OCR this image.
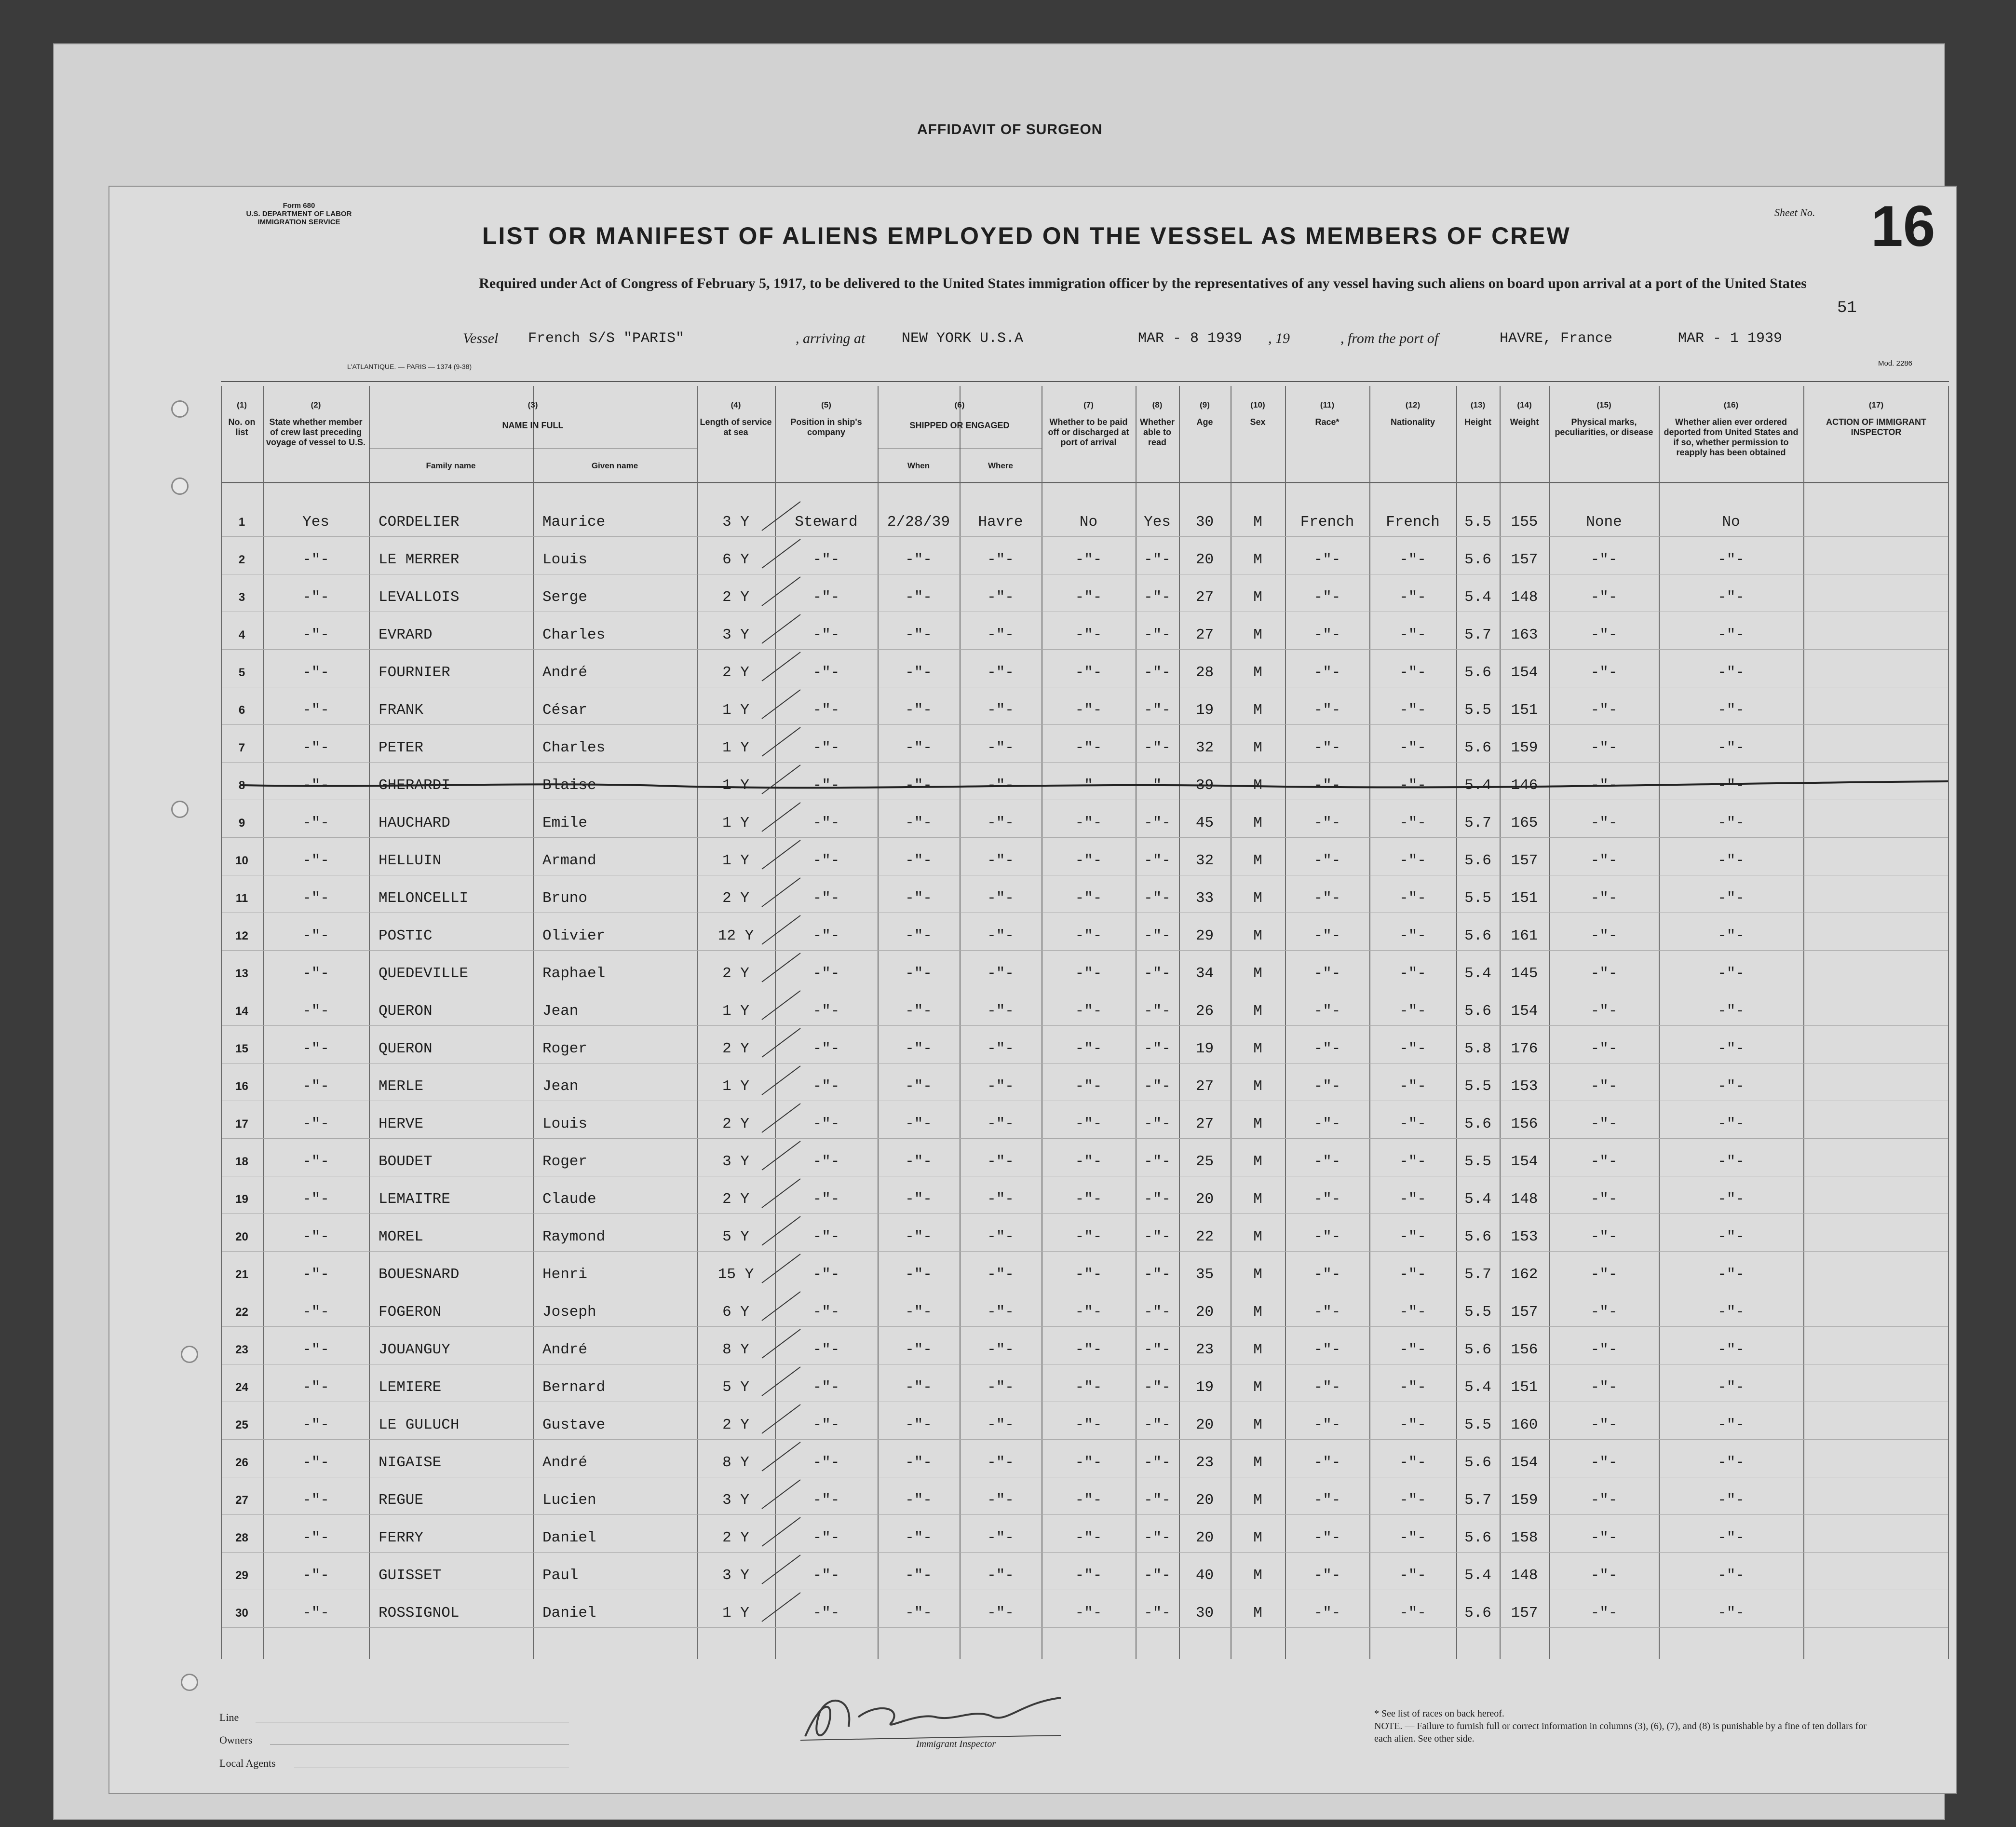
AFFIDAVIT OF SURGEON
Form 680
U.S. DEPARTMENT OF LABOR
IMMIGRATION SERVICE
LIST OR MANIFEST OF ALIENS EMPLOYED ON THE VESSEL AS MEMBERS OF CREW
Sheet No. 16
Required under Act of Congress of February 5, 1917, to be delivered to the United States immigration officer by the representatives of any vessel having such aliens on board upon arrival at a port of the United States
51
Vessel French S/S "PARIS"	, arriving at	NEW YORK U.S.A	MAR - 8 1939 , 19	, from the port of	HAVRE, France	MAR - 1 1939
L'ATLANTIQUE. — PARIS — 1374 (9-38)	Mod. 2286
(1)
No. on list
(2)
State whether member of crew last preceding voyage of vessel to U.S.
(3)
NAME IN FULL
Family name	Given name
(4)
Length of service at sea
(5)
Position in ship's company
(6)
SHIPPED OR ENGAGED
When	Where
(7)
Whether to be paid off or discharged at port of arrival
(8)
Whether able to read
(9)
Age
(10)
Sex
(11)
Race*
(12)
Nationality
(13)
Height
(14)
Weight
(15)
Physical marks, peculiarities, or disease
(16)
Whether alien ever ordered deported from United States and if so, whether permission to reapply has been obtained
(17)
ACTION OF IMMIGRANT INSPECTOR
1	Yes	CORDELIER	Maurice	3 Y	Steward	2/28/39	Havre	No	Yes	30	M	French	French	5.5	155	None	No
2	-"-	LE MERRER	Louis	6 Y	-"-	-"-	-"-	-"-	-"-	20	M	-"-	-"-	5.6	157	-"-	-"-
3	-"-	LEVALLOIS	Serge	2 Y	-"-	-"-	-"-	-"-	-"-	27	M	-"-	-"-	5.4	148	-"-	-"-
4	-"-	EVRARD	Charles	3 Y	-"-	-"-	-"-	-"-	-"-	27	M	-"-	-"-	5.7	163	-"-	-"-
5	-"-	FOURNIER	André	2 Y	-"-	-"-	-"-	-"-	-"-	28	M	-"-	-"-	5.6	154	-"-	-"-
6	-"-	FRANK	César	1 Y	-"-	-"-	-"-	-"-	-"-	19	M	-"-	-"-	5.5	151	-"-	-"-
7	-"-	PETER	Charles	1 Y	-"-	-"-	-"-	-"-	-"-	32	M	-"-	-"-	5.6	159	-"-	-"-
8	-"-	GHERARDI	Blaise	1 Y	-"-	-"-	-"-	-"-	-"-	39	M	-"-	-"-	5.4	146	-"-	-"-
9	-"-	HAUCHARD	Emile	1 Y	-"-	-"-	-"-	-"-	-"-	45	M	-"-	-"-	5.7	165	-"-	-"-
10	-"-	HELLUIN	Armand	1 Y	-"-	-"-	-"-	-"-	-"-	32	M	-"-	-"-	5.6	157	-"-	-"-
11	-"-	MELONCELLI	Bruno	2 Y	-"-	-"-	-"-	-"-	-"-	33	M	-"-	-"-	5.5	151	-"-	-"-
12	-"-	POSTIC	Olivier	12 Y	-"-	-"-	-"-	-"-	-"-	29	M	-"-	-"-	5.6	161	-"-	-"-
13	-"-	QUEDEVILLE	Raphael	2 Y	-"-	-"-	-"-	-"-	-"-	34	M	-"-	-"-	5.4	145	-"-	-"-
14	-"-	QUERON	Jean	1 Y	-"-	-"-	-"-	-"-	-"-	26	M	-"-	-"-	5.6	154	-"-	-"-
15	-"-	QUERON	Roger	2 Y	-"-	-"-	-"-	-"-	-"-	19	M	-"-	-"-	5.8	176	-"-	-"-
16	-"-	MERLE	Jean	1 Y	-"-	-"-	-"-	-"-	-"-	27	M	-"-	-"-	5.5	153	-"-	-"-
17	-"-	HERVE	Louis	2 Y	-"-	-"-	-"-	-"-	-"-	27	M	-"-	-"-	5.6	156	-"-	-"-
18	-"-	BOUDET	Roger	3 Y	-"-	-"-	-"-	-"-	-"-	25	M	-"-	-"-	5.5	154	-"-	-"-
19	-"-	LEMAITRE	Claude	2 Y	-"-	-"-	-"-	-"-	-"-	20	M	-"-	-"-	5.4	148	-"-	-"-
20	-"-	MOREL	Raymond	5 Y	-"-	-"-	-"-	-"-	-"-	22	M	-"-	-"-	5.6	153	-"-	-"-
21	-"-	BOUESNARD	Henri	15 Y	-"-	-"-	-"-	-"-	-"-	35	M	-"-	-"-	5.7	162	-"-	-"-
22	-"-	FOGERON	Joseph	6 Y	-"-	-"-	-"-	-"-	-"-	20	M	-"-	-"-	5.5	157	-"-	-"-
23	-"-	JOUANGUY	André	8 Y	-"-	-"-	-"-	-"-	-"-	23	M	-"-	-"-	5.6	156	-"-	-"-
24	-"-	LEMIERE	Bernard	5 Y	-"-	-"-	-"-	-"-	-"-	19	M	-"-	-"-	5.4	151	-"-	-"-
25	-"-	LE GULUCH	Gustave	2 Y	-"-	-"-	-"-	-"-	-"-	20	M	-"-	-"-	5.5	160	-"-	-"-
26	-"-	NIGAISE	André	8 Y	-"-	-"-	-"-	-"-	-"-	23	M	-"-	-"-	5.6	154	-"-	-"-
27	-"-	REGUE	Lucien	3 Y	-"-	-"-	-"-	-"-	-"-	20	M	-"-	-"-	5.7	159	-"-	-"-
28	-"-	FERRY	Daniel	2 Y	-"-	-"-	-"-	-"-	-"-	20	M	-"-	-"-	5.6	158	-"-	-"-
29	-"-	GUISSET	Paul	3 Y	-"-	-"-	-"-	-"-	-"-	40	M	-"-	-"-	5.4	148	-"-	-"-
30	-"-	ROSSIGNOL	Daniel	1 Y	-"-	-"-	-"-	-"-	-"-	30	M	-"-	-"-	5.6	157	-"-	-"-
Line
Owners
Local Agents
Immigrant Inspector
* See list of races on back hereof.
NOTE. — Failure to furnish full or correct information in columns (3), (6), (7), and (8) is punishable by a fine of ten dollars for each alien. See other side.
